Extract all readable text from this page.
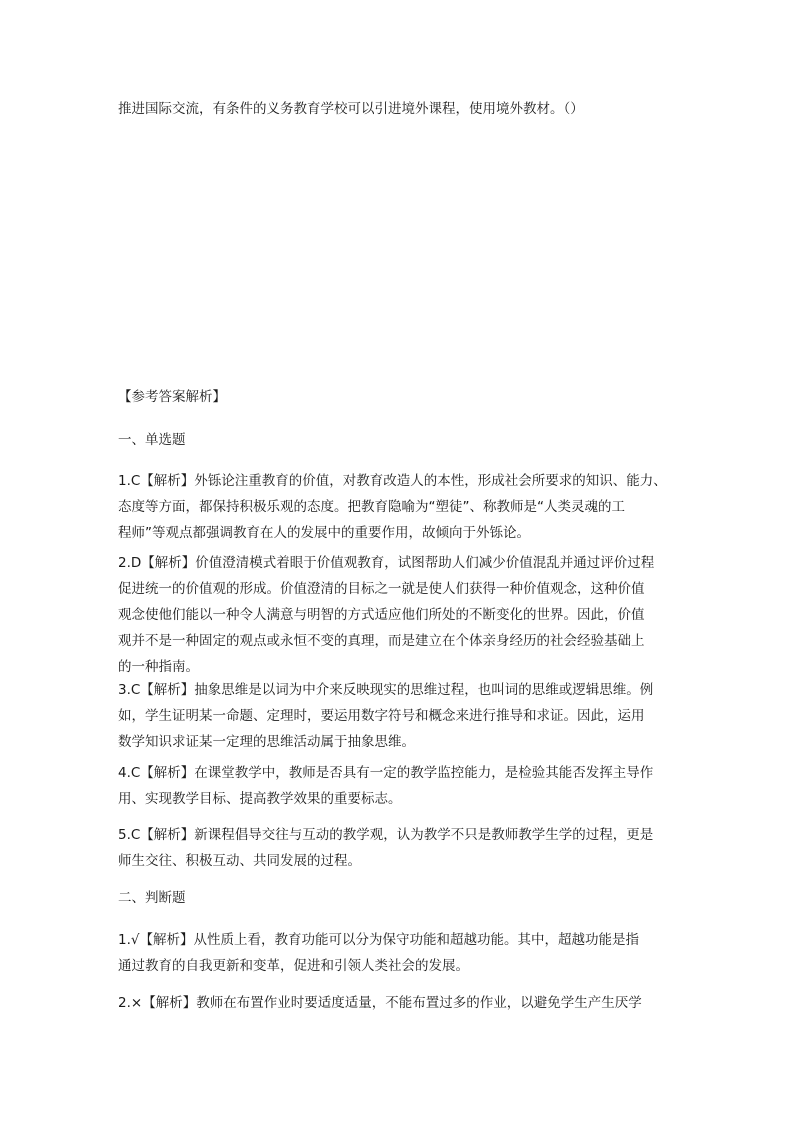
推进国际交流，有条件的义务教育学校可以引进境外课程，使用境外教材。（）
【参考答案解析】
一、单选题
1.C【解析】外铄论注重教育的价值，对教育改造人的本性，形成社会所要求的知识、能力、
态度等方面，都保持积极乐观的态度。把教育隐喻为“塑徒”、称教师是“人类灵魂的工
程师”等观点都强调教育在人的发展中的重要作用，故倾向于外铄论。
2.D【解析】价值澄清模式着眼于价值观教育，试图帮助人们减少价值混乱并通过评价过程
促进统一的价值观的形成。价值澄清的目标之一就是使人们获得一种价值观念，这种价值
观念使他们能以一种令人满意与明智的方式适应他们所处的不断变化的世界。因此，价值
观并不是一种固定的观点或永恒不变的真理，而是建立在个体亲身经历的社会经验基础上
的一种指南。
3.C【解析】抽象思维是以词为中介来反映现实的思维过程，也叫词的思维或逻辑思维。例
如，学生证明某一命题、定理时，要运用数字符号和概念来进行推导和求证。因此，运用
数学知识求证某一定理的思维活动属于抽象思维。
4.C【解析】在课堂教学中，教师是否具有一定的教学监控能力，是检验其能否发挥主导作
用、实现教学目标、提高教学效果的重要标志。
5.C【解析】新课程倡导交往与互动的教学观，认为教学不只是教师教学生学的过程，更是
师生交往、积极互动、共同发展的过程。
二、判断题
1.√【解析】从性质上看，教育功能可以分为保守功能和超越功能。其中，超越功能是指
通过教育的自我更新和变革，促进和引领人类社会的发展。
2.×【解析】教师在布置作业时要适度适量，不能布置过多的作业，以避免学生产生厌学
